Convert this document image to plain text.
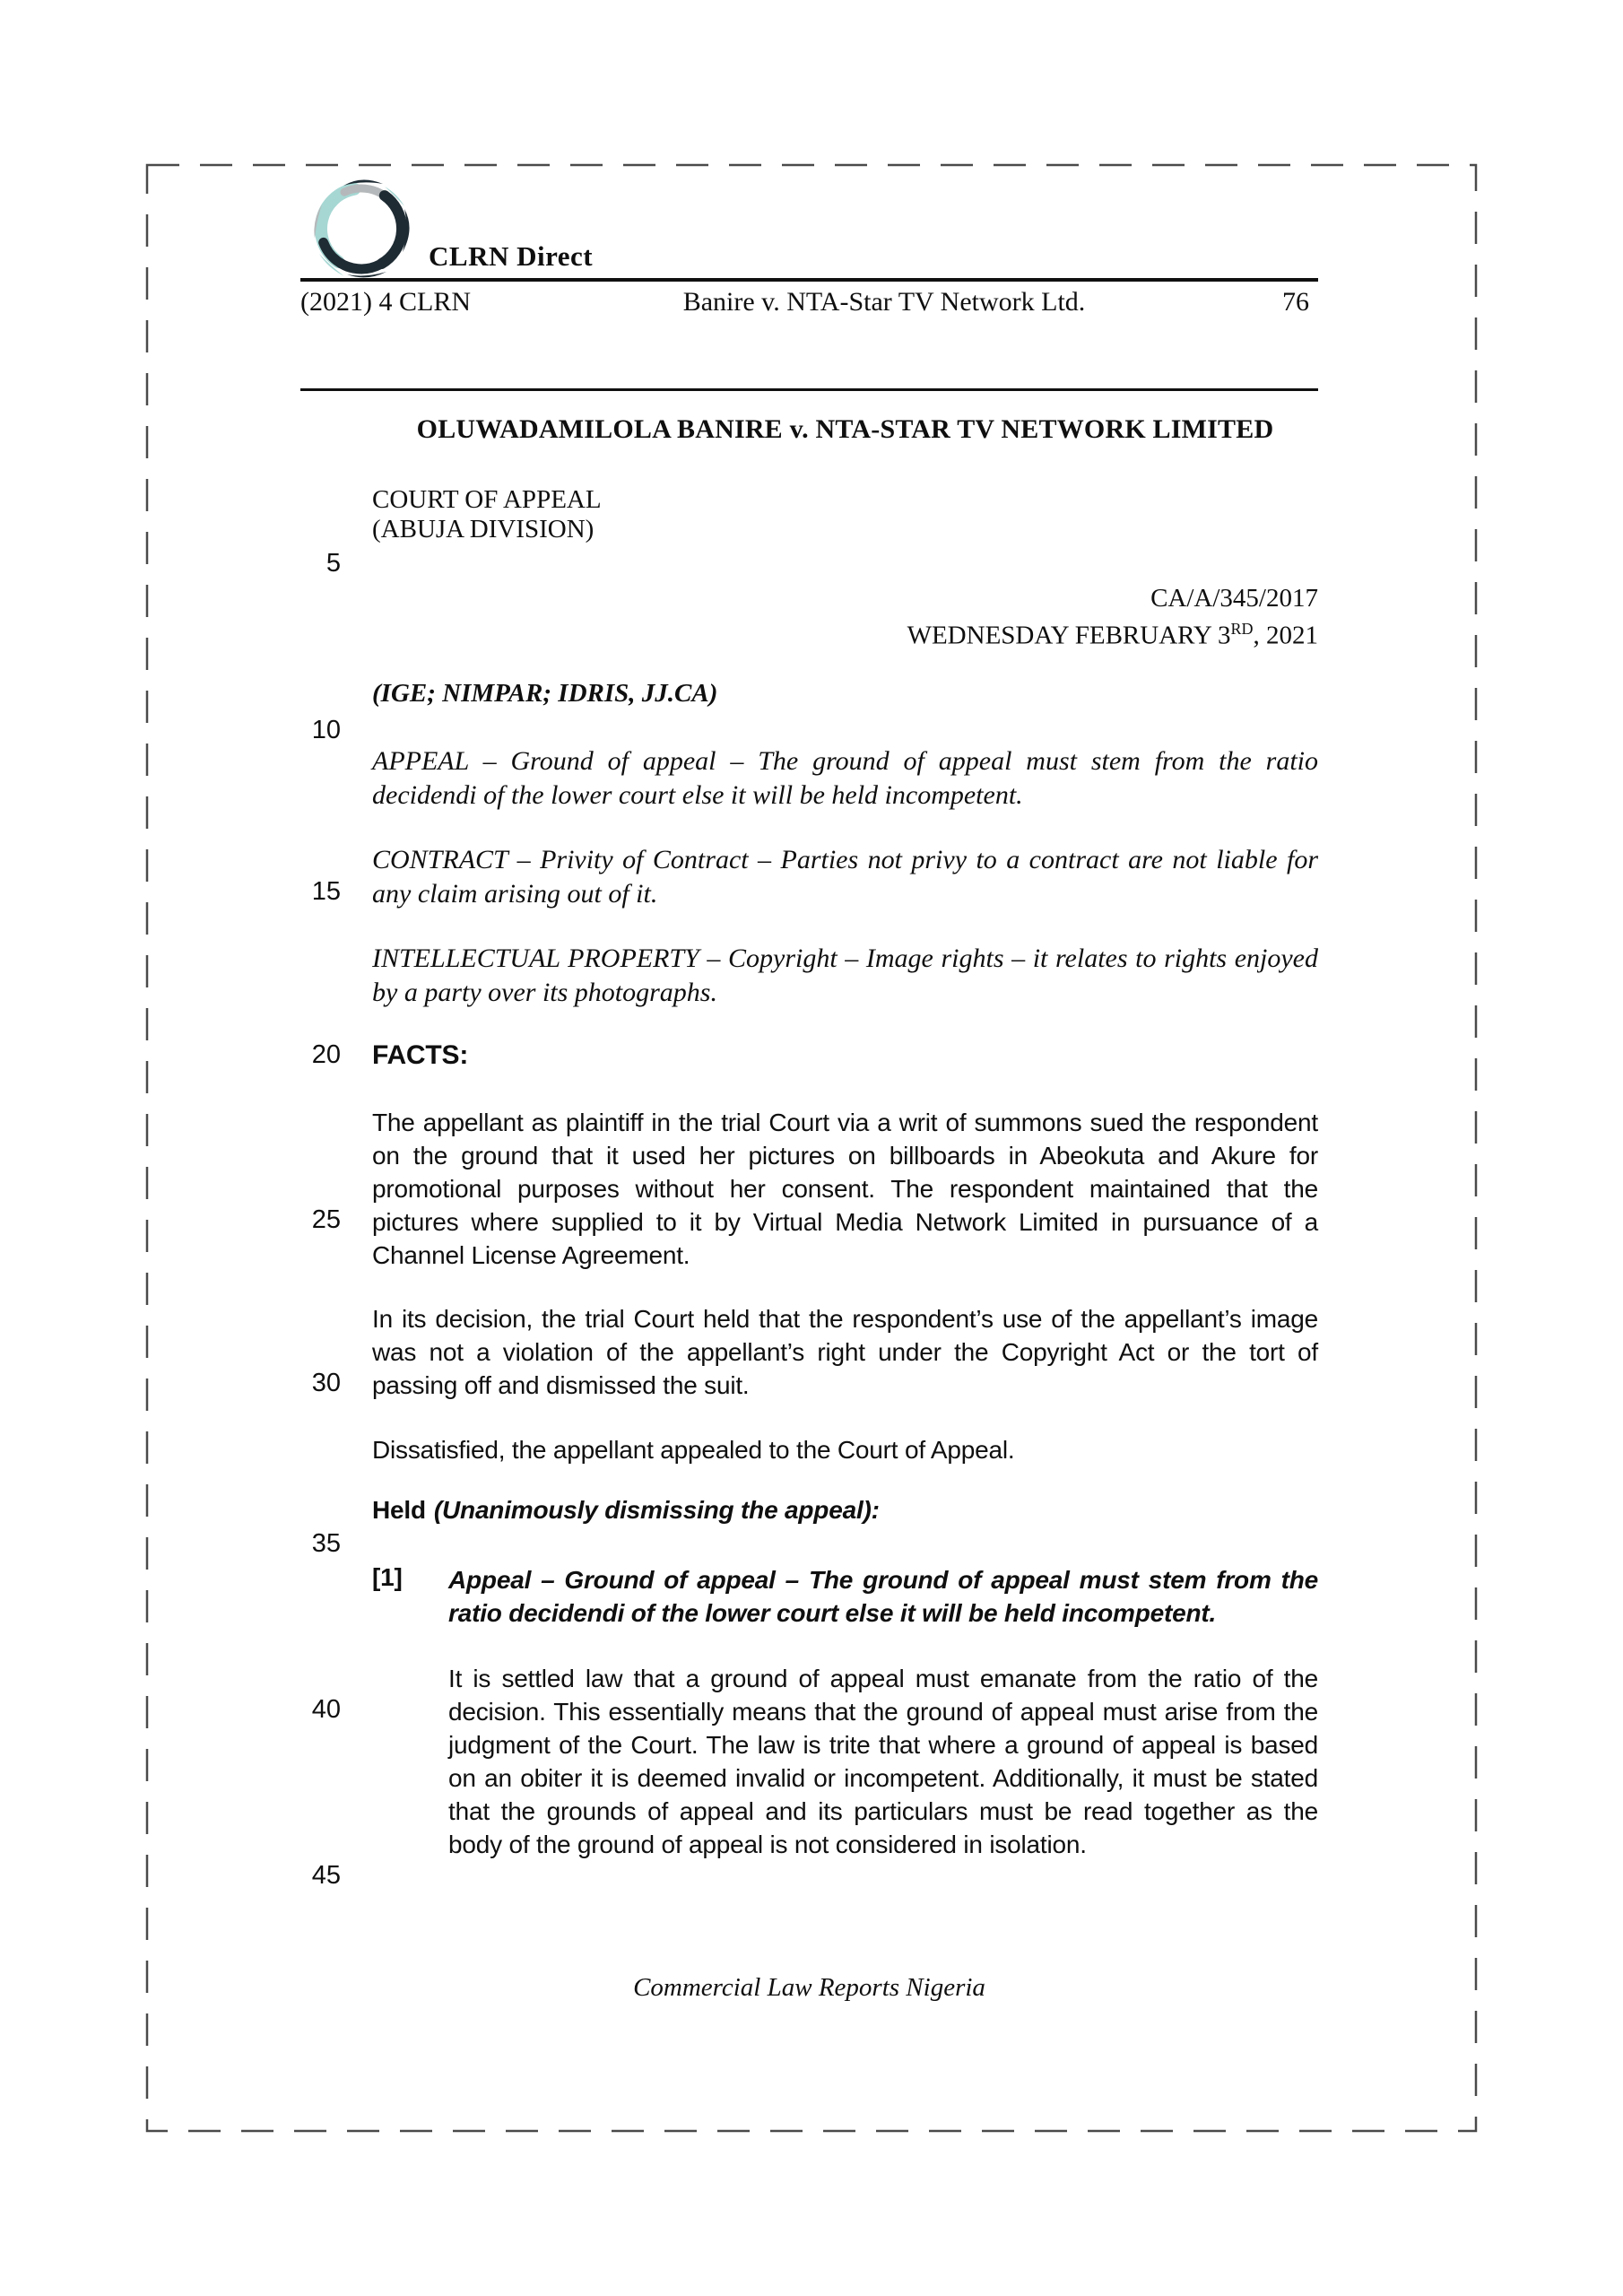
CLRN Direct
(2021) 4 CLRN	Banire v. NTA-Star TV Network Ltd.	76
OLUWADAMILOLA BANIRE v. NTA-STAR TV NETWORK LIMITED
COURT OF APPEAL
(ABUJA DIVISION)
CA/A/345/2017
WEDNESDAY FEBRUARY 3RD, 2021
(IGE; NIMPAR; IDRIS, JJ.CA)

APPEAL – Ground of appeal – The ground of appeal must stem from the ratio decidendi of the lower court else it will be held incompetent.

CONTRACT – Privity of Contract – Parties not privy to a contract are not liable for any claim arising out of it.

INTELLECTUAL PROPERTY – Copyright – Image rights – it relates to rights enjoyed by a party over its photographs.

FACTS:

The appellant as plaintiff in the trial Court via a writ of summons sued the respondent on the ground that it used her pictures on billboards in Abeokuta and Akure for promotional purposes without her consent. The respondent maintained that the pictures where supplied to it by Virtual Media Network Limited in pursuance of a Channel License Agreement.

In its decision, the trial Court held that the respondent’s use of the appellant’s image was not a violation of the appellant’s right under the Copyright Act or the tort of passing off and dismissed the suit.

Dissatisfied, the appellant appealed to the Court of Appeal.

Held (Unanimously dismissing the appeal):
[1]	Appeal – Ground of appeal – The ground of appeal must stem from the ratio decidendi of the lower court else it will be held incompetent.

It is settled law that a ground of appeal must emanate from the ratio of the decision. This essentially means that the ground of appeal must arise from the judgment of the Court. The law is trite that where a ground of appeal is based on an obiter it is deemed invalid or incompetent. Additionally, it must be stated that the grounds of appeal and its particulars must be read together as the body of the ground of appeal is not considered in isolation.

Commercial Law Reports Nigeria
5
10
15
20
25
30
35
40
45
